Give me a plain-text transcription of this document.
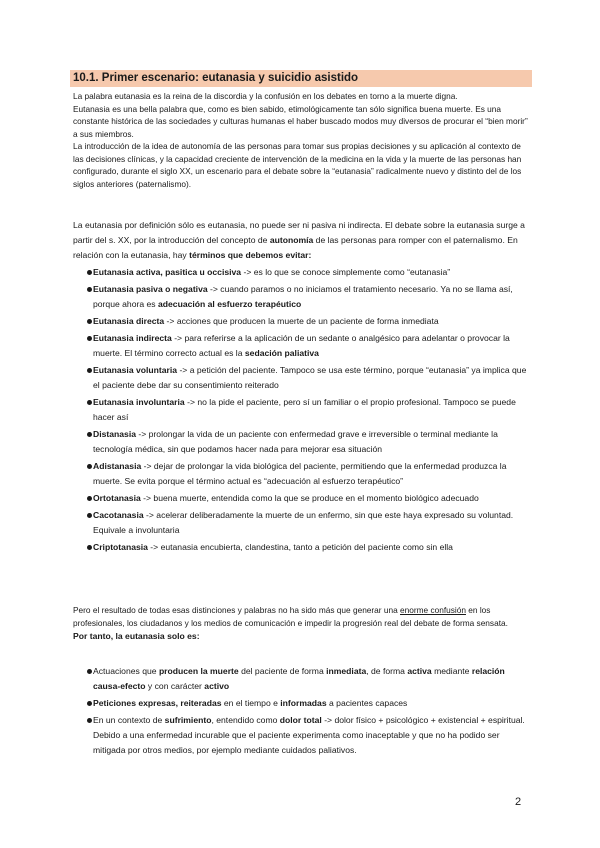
10.1. Primer escenario: eutanasia y suicidio asistido

La palabra eutanasia es la reina de la discordia y la confusión en los debates en torno a la muerte digna.

Eutanasia es una bella palabra que, como es bien sabido, etimológicamente tan sólo significa buena muerte. Es una constante histórica de las sociedades y culturas humanas el haber buscado modos muy diversos de procurar el “bien morir” a sus miembros.

La introducción de la idea de autonomía de las personas para tomar sus propias decisiones y su aplicación al contexto de las decisiones clínicas, y la capacidad creciente de intervención de la medicina en la vida y la muerte de las personas han configurado, durante el siglo XX, un escenario para el debate sobre la “eutanasia” radicalmente nuevo y distinto del de los siglos anteriores (paternalismo).

La eutanasia por definición sólo es eutanasia, no puede ser ni pasiva ni indirecta. El debate sobre la eutanasia surge a partir del s. XX, por la introducción del concepto de autonomía de las personas para romper con el paternalismo. En relación con la eutanasia, hay términos que debemos evitar:

Eutanasia activa, pasitica u occisiva -> es lo que se conoce simplemente como “eutanasia”
Eutanasia pasiva o negativa -> cuando paramos o no iniciamos el tratamiento necesario. Ya no se llama así, porque ahora es adecuación al esfuerzo terapéutico
Eutanasia directa -> acciones que producen la muerte de un paciente de forma inmediata
Eutanasia indirecta -> para referirse a la aplicación de un sedante o analgésico para adelantar o provocar la muerte. El término correcto actual es la sedación paliativa
Eutanasia voluntaria -> a petición del paciente. Tampoco se usa este término, porque “eutanasia” ya implica que el paciente debe dar su consentimiento reiterado
Eutanasia involuntaria -> no la pide el paciente, pero sí un familiar o el propio profesional. Tampoco se puede hacer así
Distanasia -> prolongar la vida de un paciente con enfermedad grave e irreversible o terminal mediante la tecnología médica, sin que podamos hacer nada para mejorar esa situación
Adistanasia -> dejar de prolongar la vida biológica del paciente, permitiendo que la enfermedad produzca la muerte. Se evita porque el término actual es “adecuación al esfuerzo terapéutico”
Ortotanasia -> buena muerte, entendida como la que se produce en el momento biológico adecuado
Cacotanasia -> acelerar deliberadamente la muerte de un enfermo, sin que este haya expresado su voluntad. Equivale a involuntaria
Criptotanasia -> eutanasia encubierta, clandestina, tanto a petición del paciente como sin ella

Pero el resultado de todas esas distinciones y palabras no ha sido más que generar una enorme confusión en los profesionales, los ciudadanos y los medios de comunicación e impedir la progresión real del debate de forma sensata.

Por tanto, la eutanasia solo es:

Actuaciones que producen la muerte del paciente de forma inmediata, de forma activa mediante relación causa-efecto y con carácter activo
Peticiones expresas, reiteradas en el tiempo e informadas a pacientes capaces
En un contexto de sufrimiento, entendido como dolor total -> dolor físico + psicológico + existencial + espiritual. Debido a una enfermedad incurable que el paciente experimenta como inaceptable y que no ha podido ser mitigada por otros medios, por ejemplo mediante cuidados paliativos.
2
